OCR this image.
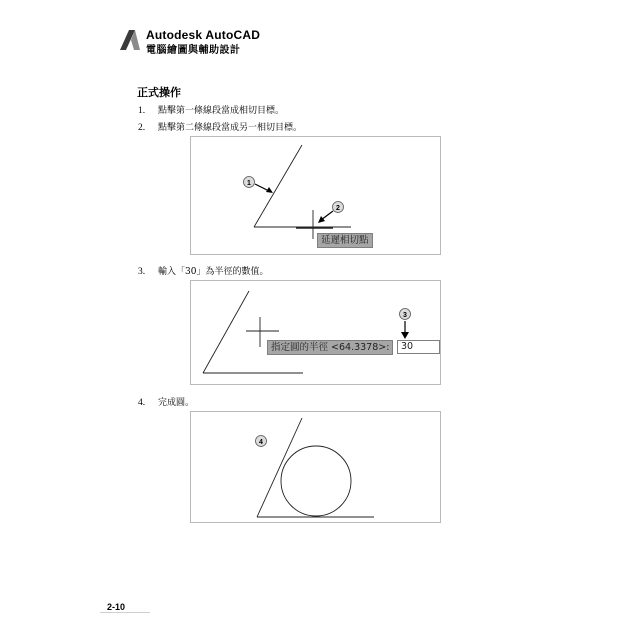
Autodesk AutoCAD
電腦繪圖與輔助設計
正式操作
1. 點擊第一條線段當成相切目標。
2. 點擊第二條線段當成另一相切目標。
1
2
延遲相切點
3. 輸入「30」為半徑的數值。
3
指定圓的半徑 <64.3378>:	30
4. 完成圓。
4
2-10
